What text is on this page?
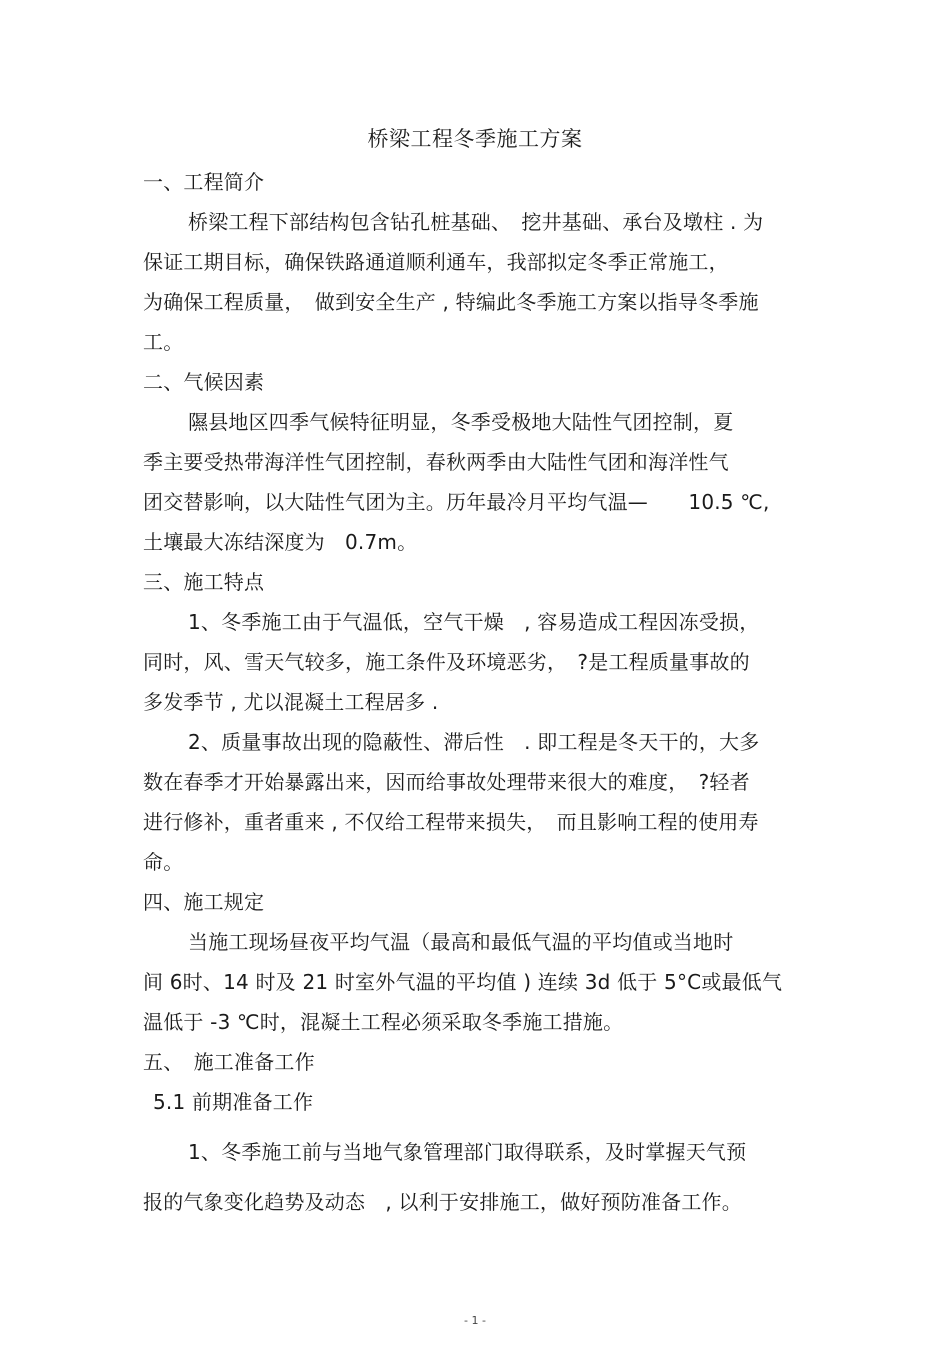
桥梁工程冬季施工方案
一、工程简介
桥梁工程下部结构包含钻孔桩基础、　挖井基础、承台及墩柱 . 为
保证工期目标，确保铁路通道顺利通车，我部拟定冬季正常施工，
为确保工程质量，　做到安全生产 , 特编此冬季施工方案以指导冬季施
工。
二、气候因素
隰县地区四季气候特征明显，冬季受极地大陆性气团控制，夏
季主要受热带海洋性气团控制，春秋两季由大陆性气团和海洋性气
团交替影响，以大陆性气团为主。历年最冷月平均气温—　　10.5 ℃,
土壤最大冻结深度为　0.7m。
三、施工特点
1、冬季施工由于气温低，空气干燥　, 容易造成工程因冻受损，
同时，风、雪天气较多，施工条件及环境恶劣，　?是工程质量事故的
多发季节 , 尤以混凝土工程居多 .
2、质量事故出现的隐蔽性、滞后性　. 即工程是冬天干的，大多
数在春季才开始暴露出来，因而给事故处理带来很大的难度，　?轻者
进行修补，重者重来 , 不仅给工程带来损失，　而且影响工程的使用寿
命。
四、施工规定
当施工现场昼夜平均气温（最高和最低气温的平均值或当地时
间 6时、14 时及 21 时室外气温的平均值 ) 连续 3d 低于 5°C或最低气
温低于 -3 ℃时，混凝土工程必须采取冬季施工措施。
五、　施工准备工作
5.1 前期准备工作
1、冬季施工前与当地气象管理部门取得联系，及时掌握天气预
报的气象变化趋势及动态　, 以利于安排施工，做好预防准备工作。
- 1 -
